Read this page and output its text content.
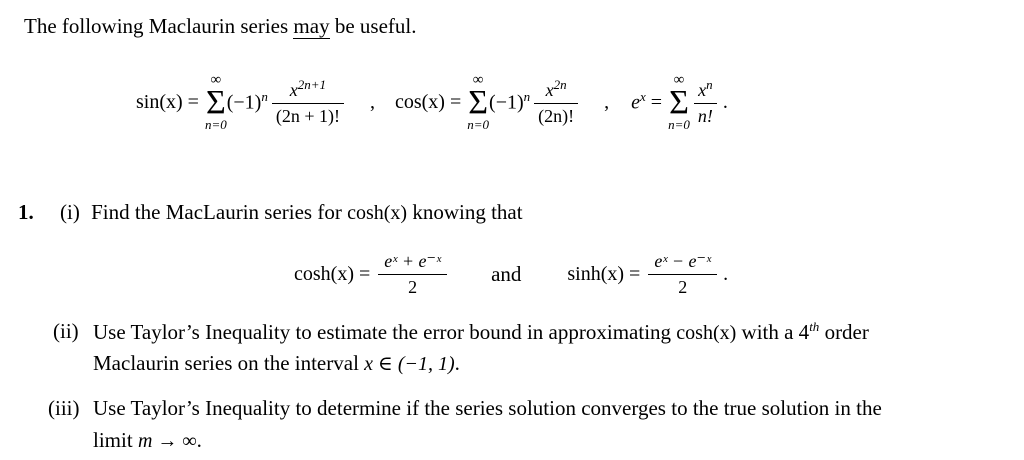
The following Maclaurin series may be useful.
sin(x) =
∞
Σ
n=0
$(-1)^n \frac{x^{2n+1}}{(2n + 1)!}$ , cos(x) =
∞
Σ
n=0
$(-1)^n \frac{x^{2n}}{(2n)!}$ , $e^x$ =
∞
Σ
$n=0 \frac{x^n}{n!}$ .
1. (i) Find the MacLaurin series for cosh(x) knowing that
$\cosh(x) = \frac{\text{eˣ + e⁻ˣ}}{2}$ and $\sinh(x) = \frac{\text{eˣ − e⁻ˣ}}{2}$ .
(ii) Use Taylor’s Inequality to estimate the error bound in approximating cosh(x) with a 4th order
Maclaurin series on the interval x ∈ (−1, 1).
(iii) Use Taylor’s Inequality to determine if the series solution converges to the true solution in the
limit m → ∞.
